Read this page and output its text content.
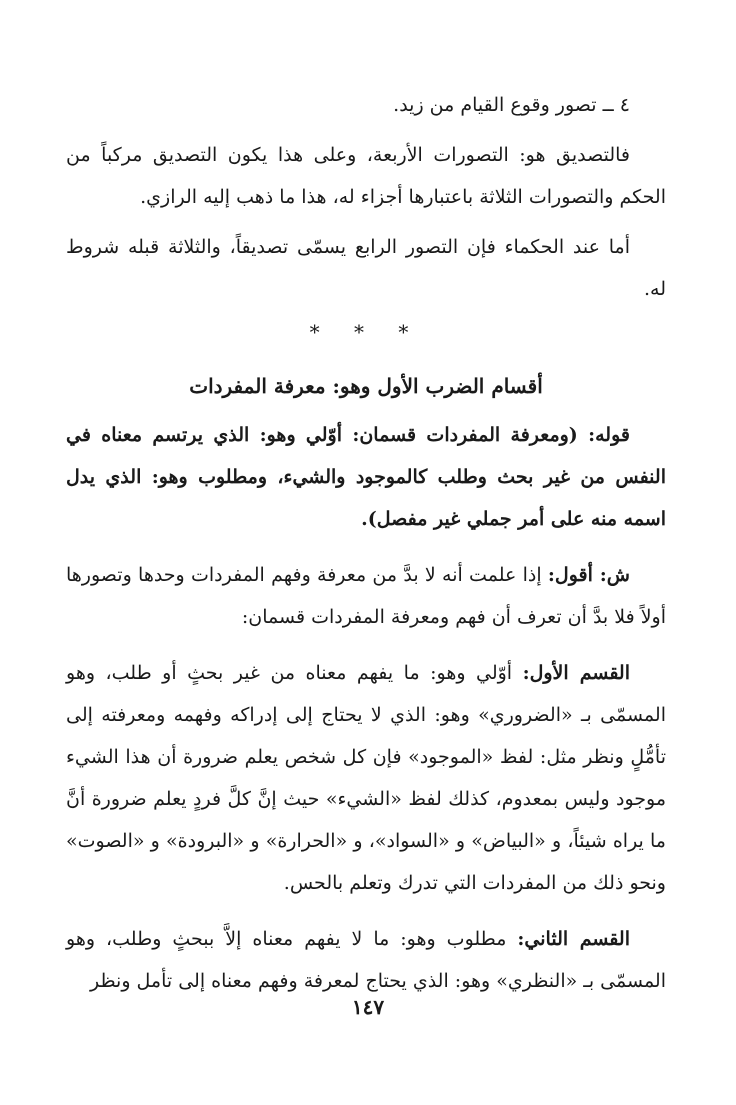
٤ ــ تصور وقوع القيام من زيد.

فالتصديق هو: التصورات الأربعة، وعلى هذا يكون التصديق مركباً من الحكم والتصورات الثلاثة باعتبارها أجزاء له، هذا ما ذهب إليه الرازي.

أما عند الحكماء فإن التصور الرابع يسمّى تصديقاً، والثلاثة قبله شروط له.

* * *
أقسام الضرب الأول وهو: معرفة المفردات

قوله: (ومعرفة المفردات قسمان: أوّلي وهو: الذي يرتسم معناه في النفس من غير بحث وطلب كالموجود والشيء، ومطلوب وهو: الذي يدل اسمه منه على أمر جملي غير مفصل).

ش: أقول: إذا علمت أنه لا بدَّ من معرفة وفهم المفردات وحدها وتصورها أولاً فلا بدَّ أن تعرف أن فهم ومعرفة المفردات قسمان:

القسم الأول: أوّلي وهو: ما يفهم معناه من غير بحثٍ أو طلب، وهو المسمّى بـ «الضروري» وهو: الذي لا يحتاج إلى إدراكه وفهمه ومعرفته إلى تأمُّلٍ ونظر مثل: لفظ «الموجود» فإن كل شخص يعلم ضرورة أن هذا الشيء موجود وليس بمعدوم، كذلك لفظ «الشيء» حيث إنَّ كلَّ فردٍ يعلم ضرورة أنَّ ما يراه شيئاً، و «البياض» و «السواد»، و «الحرارة» و «البرودة» و «الصوت» ونحو ذلك من المفردات التي تدرك وتعلم بالحس.

القسم الثاني: مطلوب وهو: ما لا يفهم معناه إلاَّ ببحثٍ وطلب، وهو المسمّى بـ «النظري» وهو: الذي يحتاج لمعرفة وفهم معناه إلى تأمل ونظر

١٤٧
